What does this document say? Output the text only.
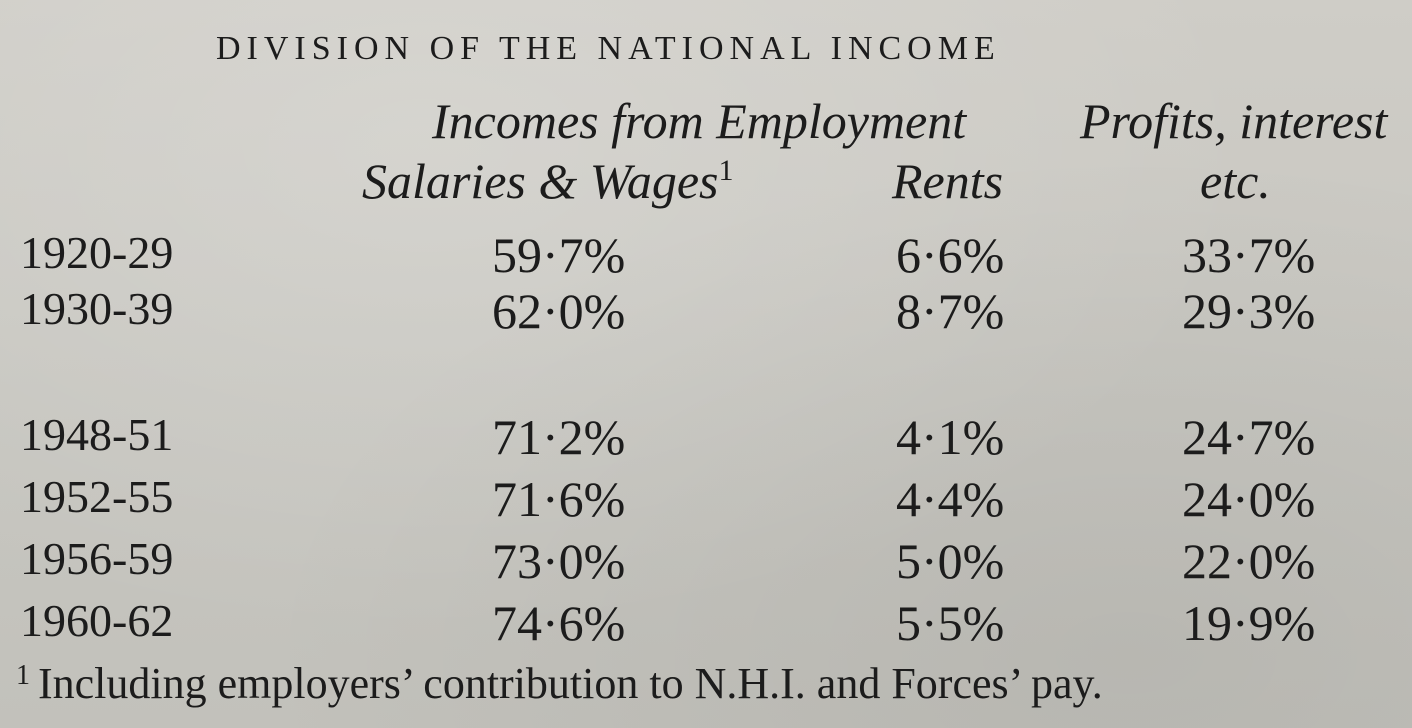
DIVISION OF THE NATIONAL INCOME
Incomes from Employment Profits, interest
Salaries & Wages$^1$	Rents	etc.
1920-29	59·7%	6·6%	33·7%
1930-39	62·0%	8·7%	29·3%
1948-51	71·2%	4·1%	24·7%
1952-55	71·6%	4·4%	24·0%
1956-59	73·0%	5·0%	22·0%
1960-62	74·6%	5·5%	19·9%
$^1$ Including employers’ contribution to N.H.I. and Forces’ pay.
